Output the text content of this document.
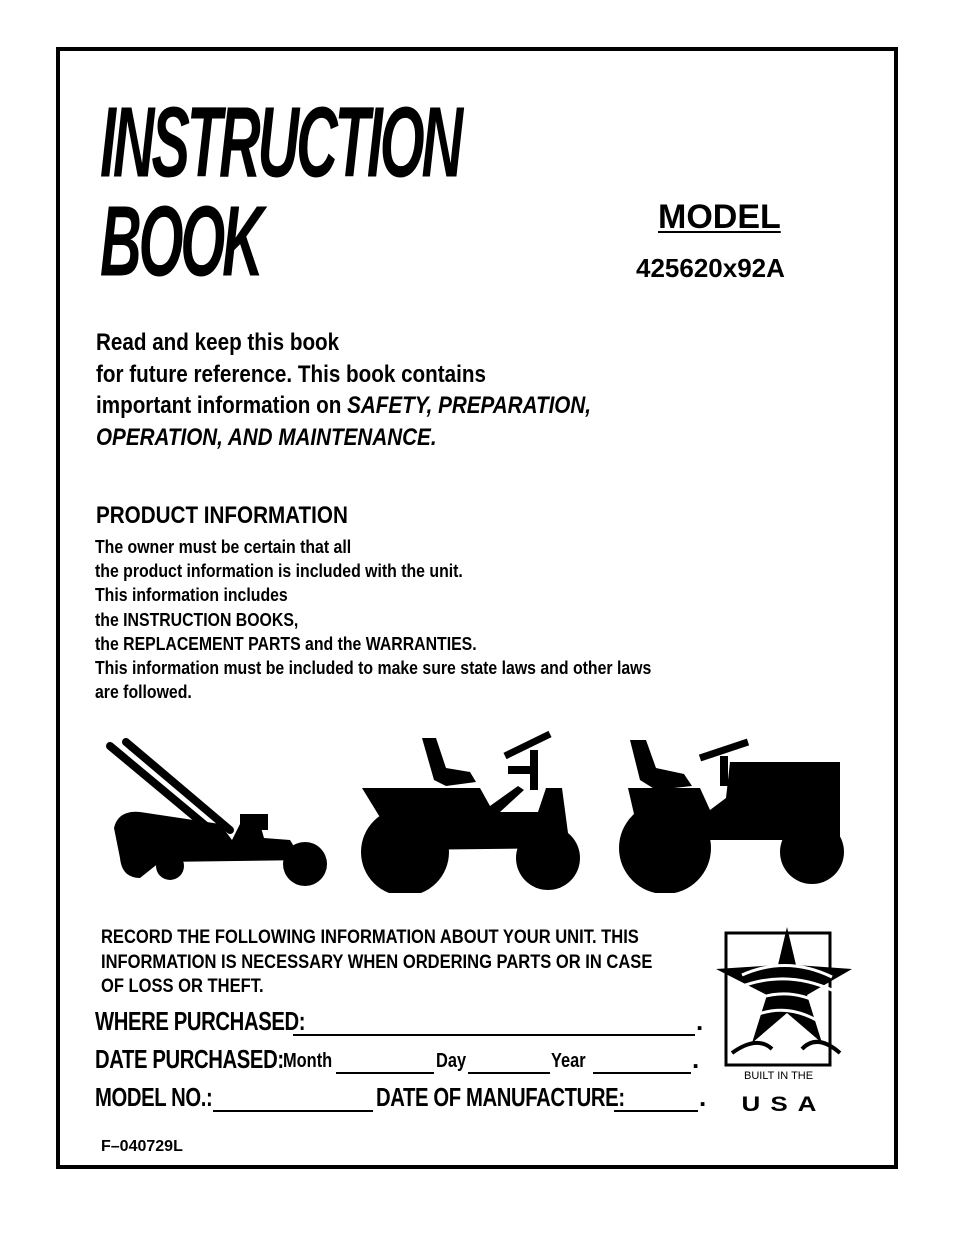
INSTRUCTION
BOOK	MODEL
425620x92A
Read and keep this book
for future reference. This book contains
important information on SAFETY, PREPARATION,
OPERATION, AND MAINTENANCE.
PRODUCT INFORMATION
The owner must be certain that all
the product information is included with the unit.
This information includes
the INSTRUCTION BOOKS,
the REPLACEMENT PARTS and the WARRANTIES.
This information must be included to make sure state laws and other laws
are followed.
RECORD THE FOLLOWING INFORMATION ABOUT YOUR UNIT. THIS
INFORMATION IS NECESSARY WHEN ORDERING PARTS OR IN CASE
OF LOSS OR THEFT.
WHERE PURCHASED:	.
DATE PURCHASED: Month	Day	Year	.
MODEL NO.:	DATE OF MANUFACTURE:	.
BUILT IN THE
USA
F–040729L
